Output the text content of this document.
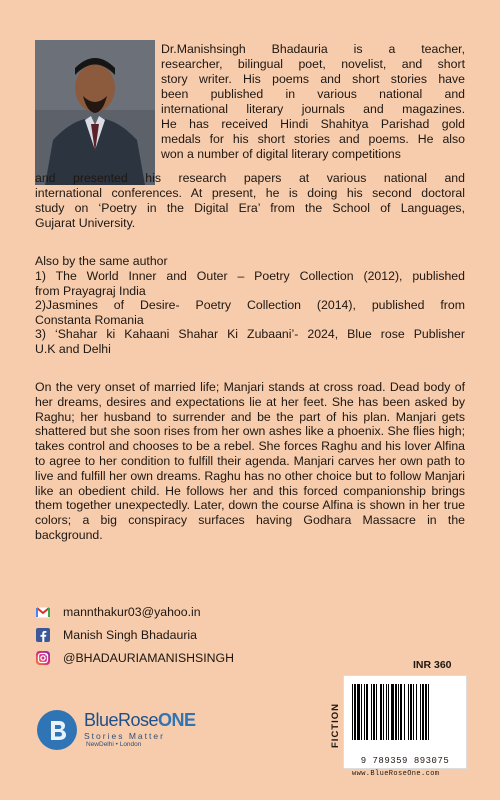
Dr.Manishsingh Bhadauria is a teacher,
researcher, bilingual poet, novelist, and short
story writer. His poems and short stories have
been published in various national and
international literary journals and magazines.
He has received Hindi Shahitya Parishad gold
medals for his short stories and poems. He also
won a number of digital literary competitions
and presented his research papers at various national and
international conferences. At present, he is doing his second doctoral
study on ‘Poetry in the Digital Era’ from the School of Languages,
Gujarat University.
Also by the same author
1) The World Inner and Outer – Poetry Collection (2012), published
from Prayagraj India
2)Jasmines of Desire- Poetry Collection (2014), published from
Constanta Romania
3) ‘Shahar ki Kahaani Shahar Ki Zubaani’- 2024, Blue rose Publisher
U.K and Delhi
On the very onset of married life; Manjari stands at cross road. Dead body of her dreams, desires and expectations lie at her feet. She has been asked by Raghu; her husband to surrender and be the part of his plan. Manjari gets shattered but she soon rises from her own ashes like a phoenix. She flies high; takes control and chooses to be a rebel. She forces Raghu and his lover Alfina to agree to her condition to fulfill their agenda. Manjari carves her own path to live and fulfill her own dreams. Raghu has no other choice but to follow Manjari like an obedient child. He follows her and this forced companionship brings them together unexpectedly. Later, down the course Alfina is shown in her true colors; a big conspiracy surfaces having Godhara Massacre in the background.
mannthakur03@yahoo.in
Manish Singh Bhadauria
@BHADAURIAMANISHSINGH
BlueRoseONE
Stories Matter
NewDelhi • London
INR 360
FICTION
9 789359 893075
www.BlueRoseOne.com
